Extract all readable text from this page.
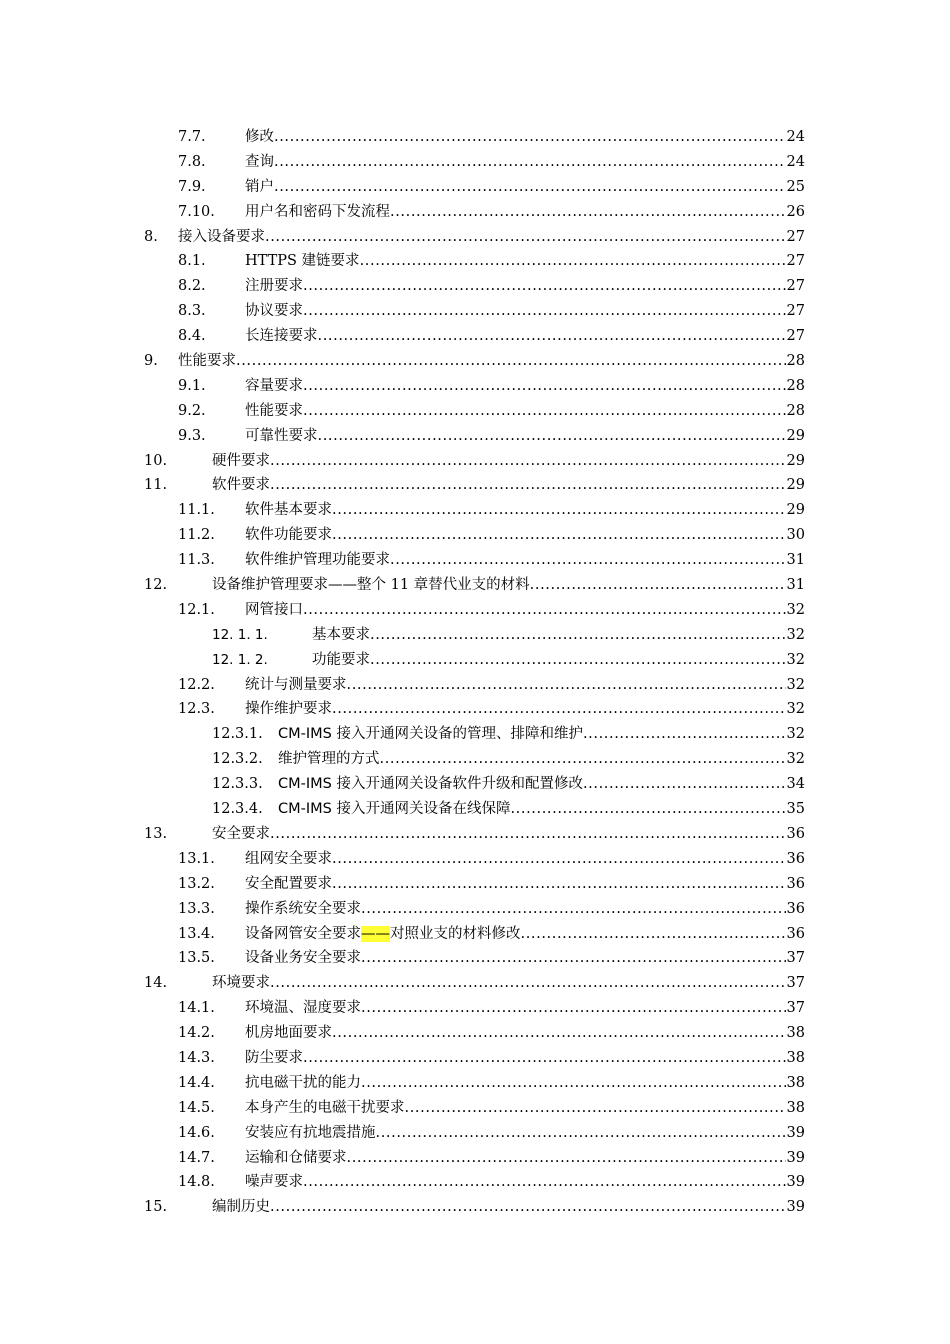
7.7.	修改 .....	24
7.8.	查询 .....	24
7.9.	销户 .....	25
7.10. 用户名和密码下发流程 .....	26
8. 接入设备要求 .....	27
8.1.	HTTPS 建链要求 .....	27
8.2.	注册要求 .....	27
8.3.	协议要求 .....	27
8.4.	长连接要求 .....	27
9. 性能要求 .....	28
9.1.	容量要求 .....	28
9.2.	性能要求 .....	28
9.3.	可靠性要求 .....	29
10.	硬件要求 .....	29
11.	软件要求 .....	29
11.1. 软件基本要求 .....	29
11.2. 软件功能要求 .....	30
11.3. 软件维护管理功能要求 .....	31
12.	设备维护管理要求——整个 11 章替代业支的材料 .....	31
12.1. 网管接口 .....	32
12. 1. 1.	基本要求 .....	32
12. 1. 2.	功能要求 .....	32
12.2. 统计与测量要求 .....	32
12.3. 操作维护要求 .....	32
12.3.1. CM-IMS 接入开通网关设备的管理、排障和维护 .....	32
12.3.2. 维护管理的方式 .....	32
12.3.3. CM-IMS 接入开通网关设备软件升级和配置修改 .....	34
12.3.4. CM-IMS 接入开通网关设备在线保障 .....	35
13.	安全要求 .....	36
13.1. 组网安全要求 .....	36
13.2. 安全配置要求 .....	36
13.3. 操作系统安全要求 .....	36
13.4. 设备网管安全要求——对照业支的材料修改 .....	36
13.5. 设备业务安全要求 .....	37
14.	环境要求 .....	37
14.1. 环境温、湿度要求 .....	37
14.2. 机房地面要求 .....	38
14.3. 防尘要求 .....	38
14.4. 抗电磁干扰的能力 .....	38
14.5. 本身产生的电磁干扰要求 .....	38
14.6. 安装应有抗地震措施 .....	39
14.7. 运输和仓储要求 .....	39
14.8. 噪声要求 .....	39
15.	编制历史 .....	39
